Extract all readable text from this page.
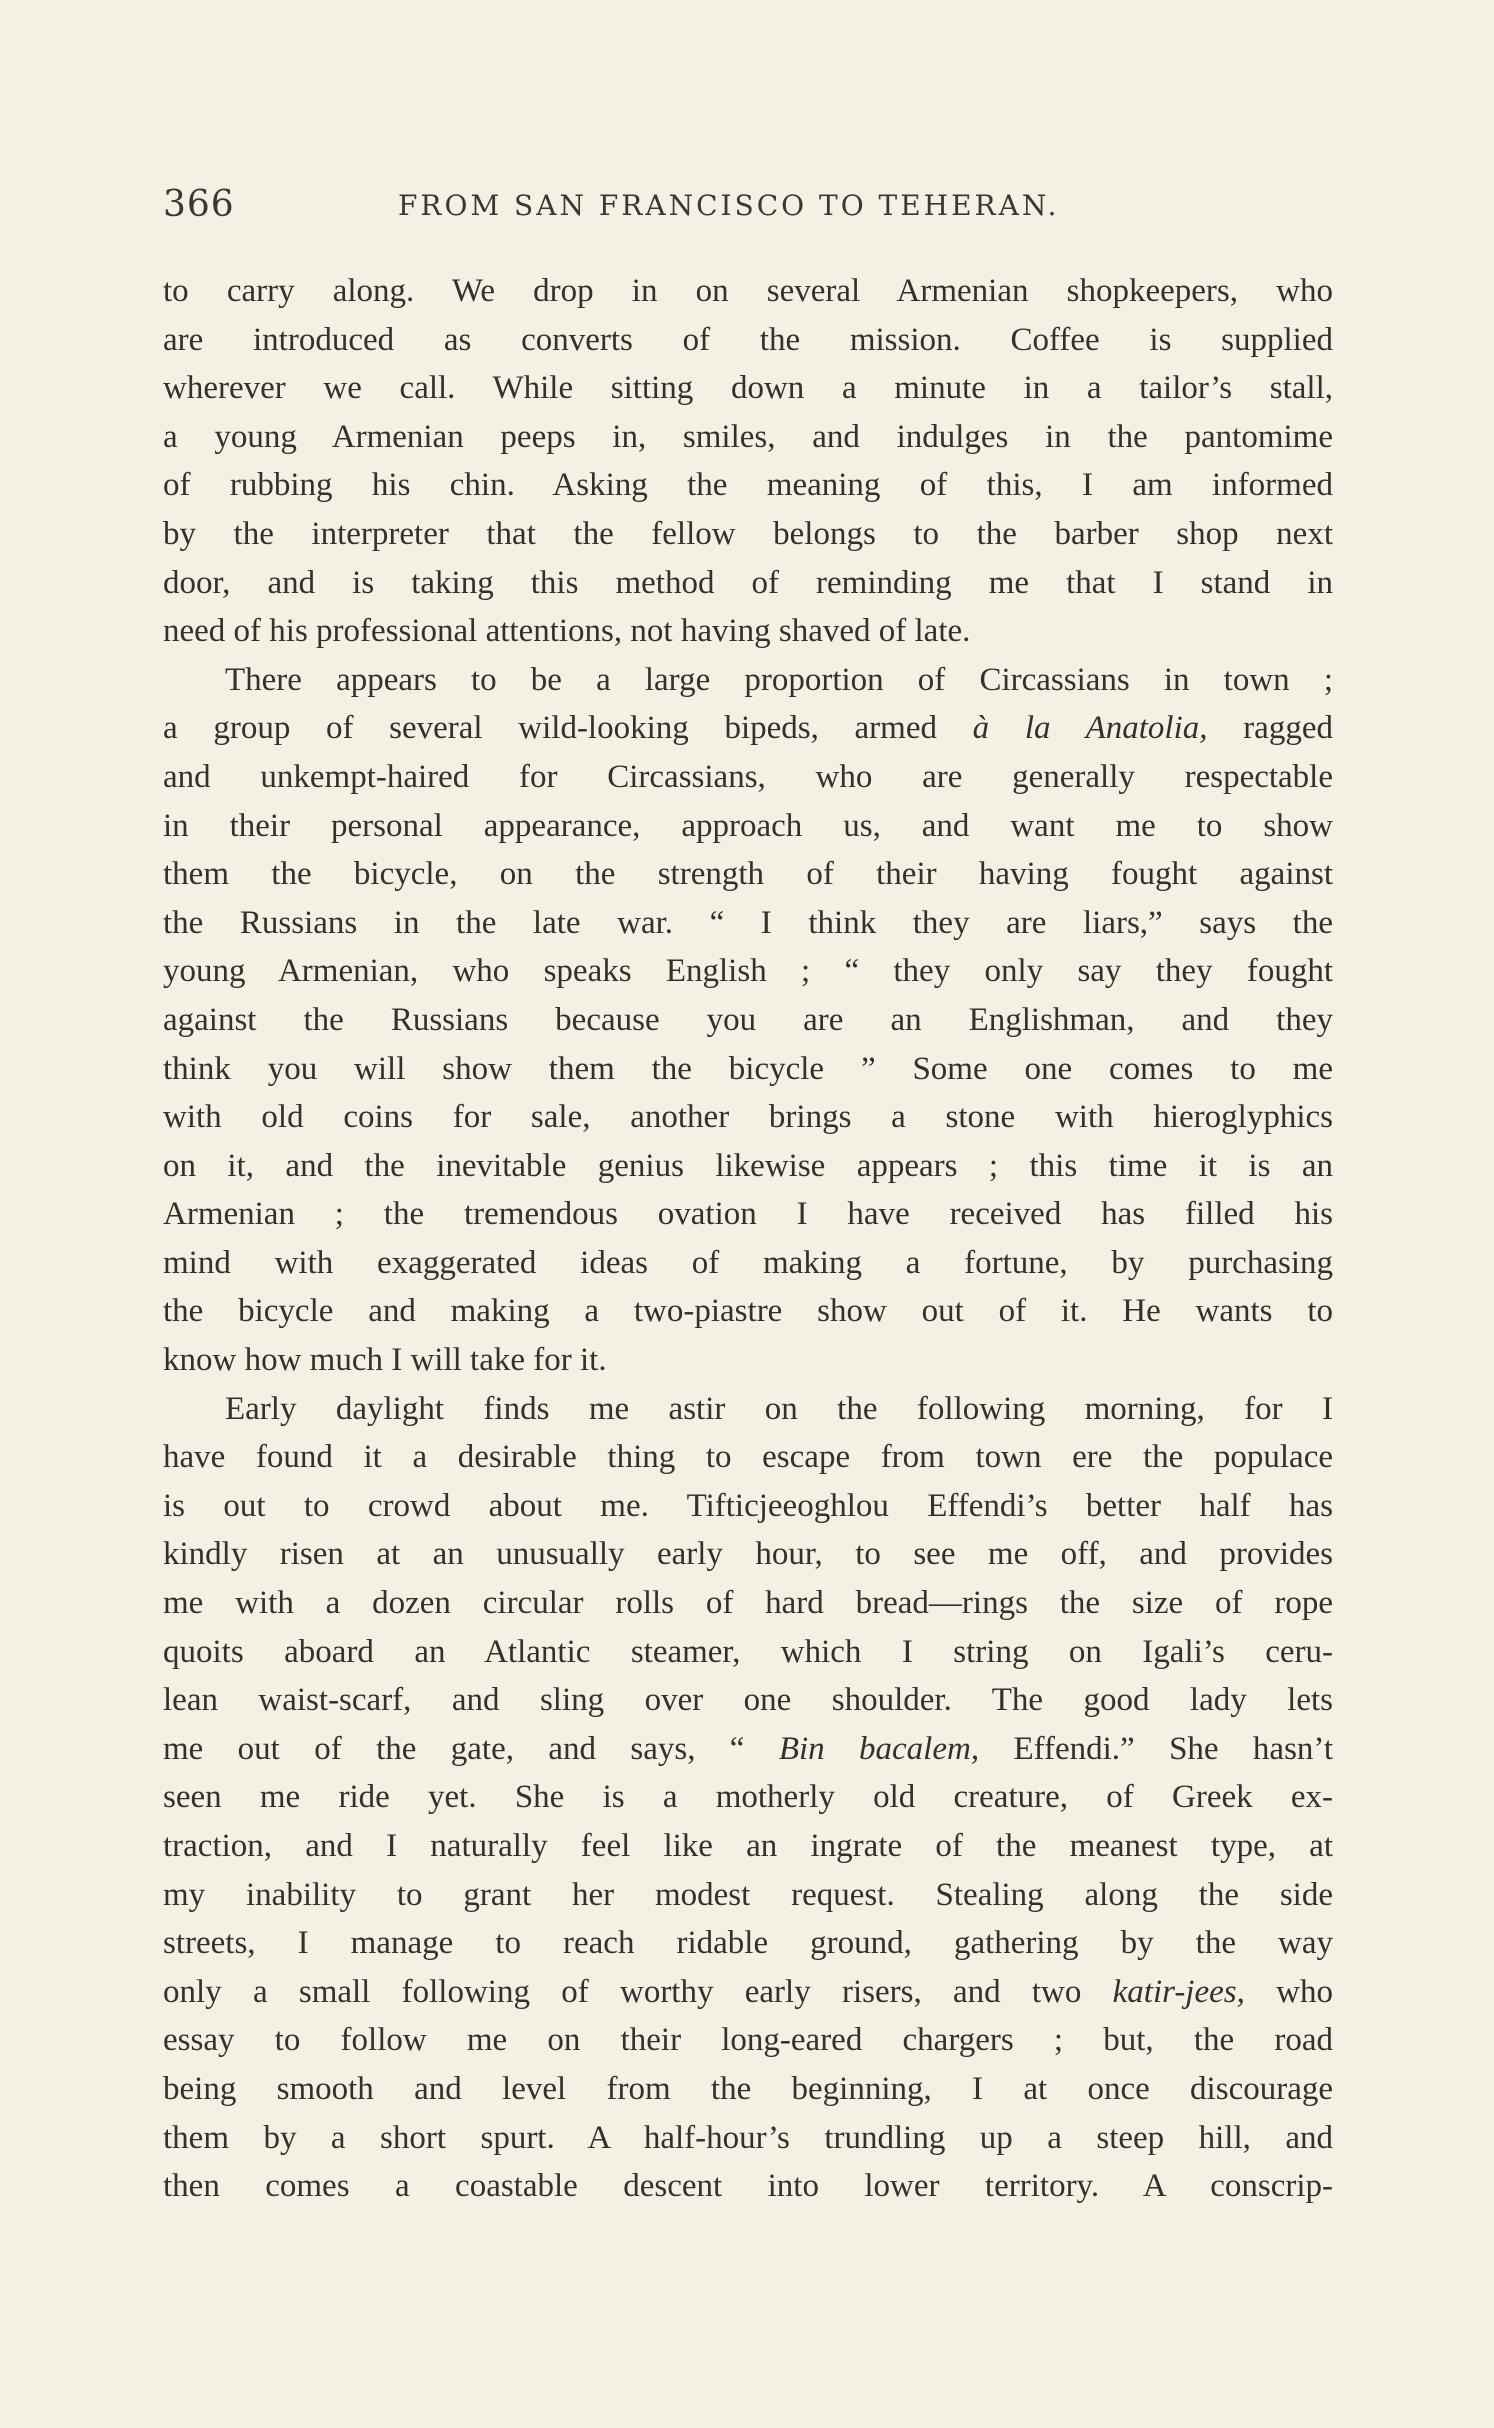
366	FROM SAN FRANCISCO TO TEHERAN.
to carry along. We drop in on several Armenian shopkeepers, who
are introduced as converts of the mission. Coffee is supplied
wherever we call. While sitting down a minute in a tailor’s stall,
a young Armenian peeps in, smiles, and indulges in the pantomime
of rubbing his chin. Asking the meaning of this, I am informed
by the interpreter that the fellow belongs to the barber shop next
door, and is taking this method of reminding me that I stand in
need of his professional attentions, not having shaved of late.
There appears to be a large proportion of Circassians in town ;
a group of several wild-looking bipeds, armed à la Anatolia, ragged
and unkempt-haired for Circassians, who are generally respectable
in their personal appearance, approach us, and want me to show
them the bicycle, on the strength of their having fought against
the Russians in the late war. “ I think they are liars,” says the
young Armenian, who speaks English ; “ they only say they fought
against the Russians because you are an Englishman, and they
think you will show them the bicycle ” Some one comes to me
with old coins for sale, another brings a stone with hieroglyphics
on it, and the inevitable genius likewise appears ; this time it is an
Armenian ; the tremendous ovation I have received has filled his
mind with exaggerated ideas of making a fortune, by purchasing
the bicycle and making a two-piastre show out of it. He wants to
know how much I will take for it.
Early daylight finds me astir on the following morning, for I
have found it a desirable thing to escape from town ere the populace
is out to crowd about me. Tifticjeeoghlou Effendi’s better half has
kindly risen at an unusually early hour, to see me off, and provides
me with a dozen circular rolls of hard bread—rings the size of rope
quoits aboard an Atlantic steamer, which I string on Igali’s ceru-
lean waist-scarf, and sling over one shoulder. The good lady lets
me out of the gate, and says, “ Bin bacalem, Effendi.” She hasn’t
seen me ride yet. She is a motherly old creature, of Greek ex-
traction, and I naturally feel like an ingrate of the meanest type, at
my inability to grant her modest request. Stealing along the side
streets, I manage to reach ridable ground, gathering by the way
only a small following of worthy early risers, and two katir-jees, who
essay to follow me on their long-eared chargers ; but, the road
being smooth and level from the beginning, I at once discourage
them by a short spurt. A half-hour’s trundling up a steep hill, and
then comes a coastable descent into lower territory. A conscrip-
